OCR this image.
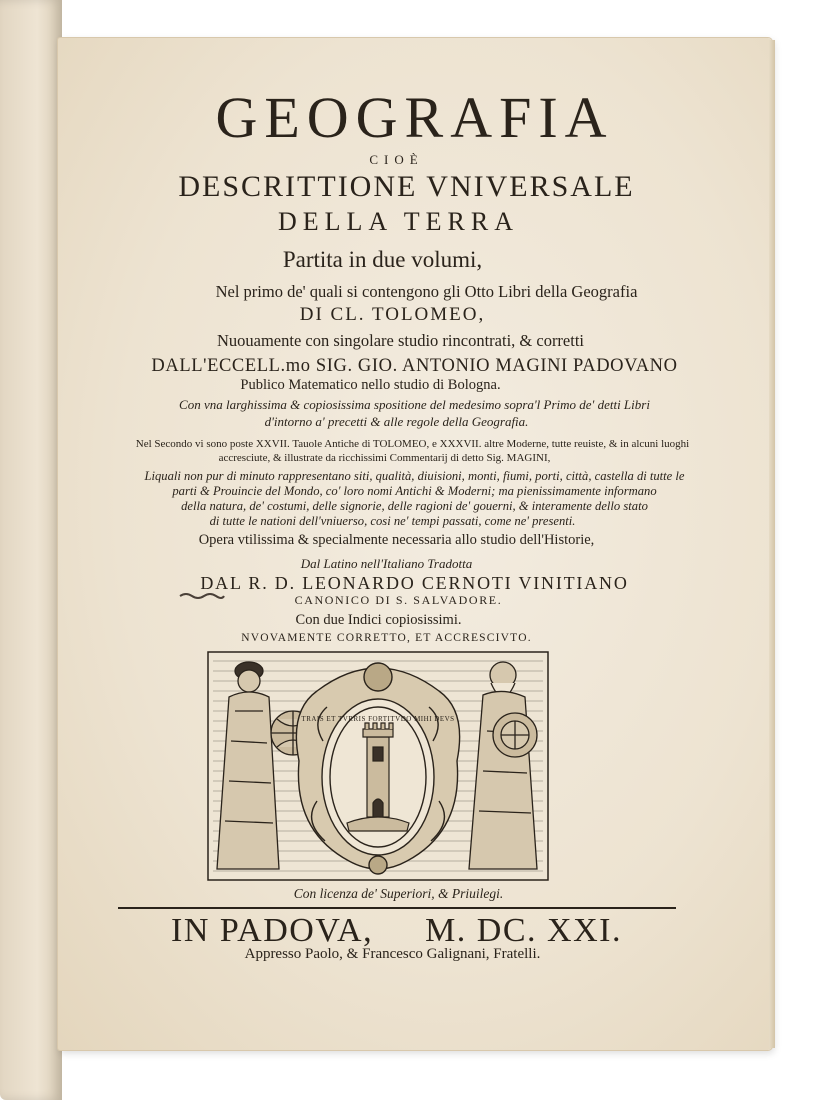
GEOGRAFIA
CIOÈ
DESCRITTIONE VNIVERSALE
DELLA TERRA
Partita in due volumi,
Nel primo de' quali si contengono gli Otto Libri della Geografia
DI CL. TOLOMEO,
Nuouamente con singolare studio rincontrati, & corretti
DALL'ECCELL.mo SIG. GIO. ANTONIO MAGINI PADOVANO
Publico Matematico nello studio di Bologna.
Con vna larghissima & copiosissima spositione del medesimo sopra'l Primo de' detti Libri
d'intorno a' precetti & alle regole della Geografia.
Nel Secondo vi sono poste XXVII. Tauole Antiche di TOLOMEO, e XXXVII. altre Moderne, tutte reuiste, & in alcuni luoghi
accresciute, & illustrate da ricchissimi Commentarij di detto Sig. MAGINI,
Liquali non pur di minuto rappresentano siti, qualità, diuisioni, monti, fiumi, porti, città, castella di tutte le
parti & Prouincie del Mondo, co' loro nomi Antichi & Moderni; ma pienissimamente informano
della natura, de' costumi, delle signorie, delle ragioni de' gouerni, & interamente dello stato
di tutte le nationi dell'vniuerso, cosi ne' tempi passati, come ne' presenti.
Opera vtilissima & specialmente necessaria allo studio dell'Historie,
Dal Latino nell'Italiano Tradotta
DAL R. D. LEONARDO CERNOTI VINITIANO
CANONICO DI S. SALVADORE.
Con due Indici copiosissimi.
NVOVAMENTE CORRETTO, ET ACCRESCIVTO.
TRAIS ET TVRRIS FORTITVDO MIHI DEVS
Con licenza de' Superiori, & Priuilegi.
IN PADOVA, M. DC. XXI.
Appresso Paolo, & Francesco Galignani, Fratelli.
